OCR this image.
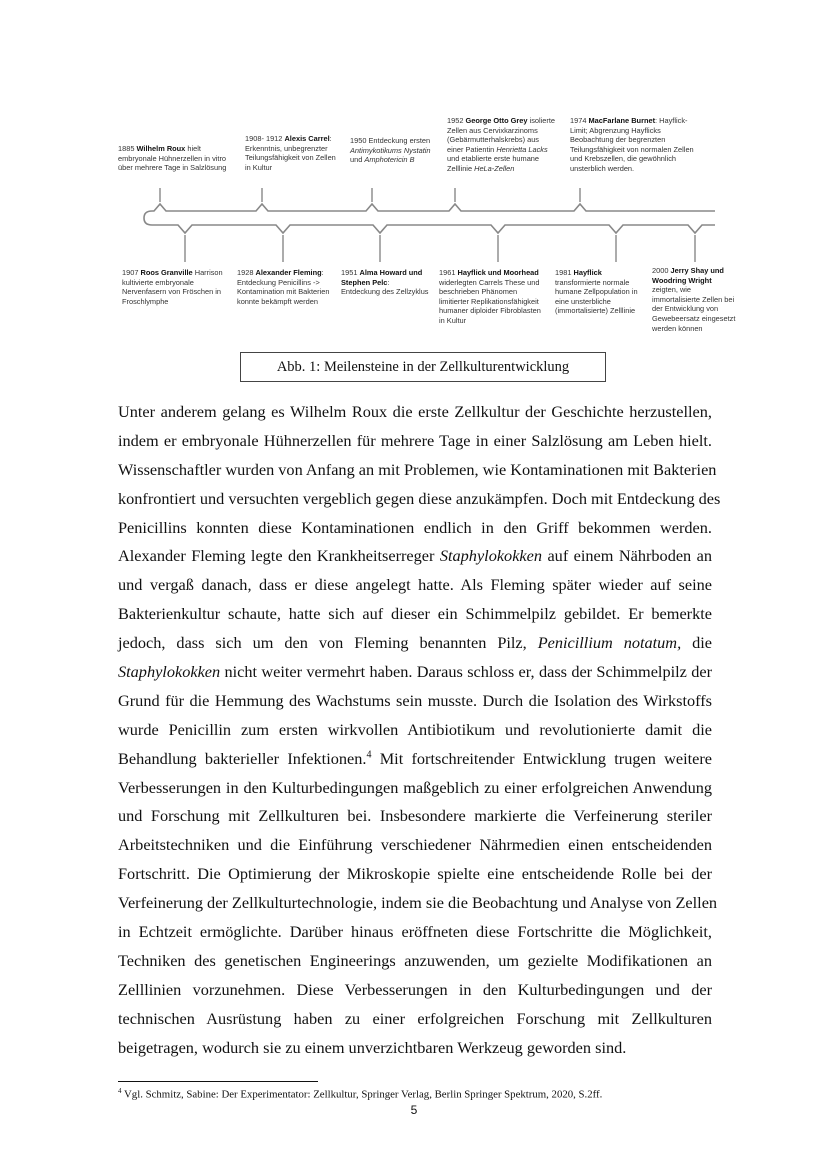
1885 Wilhelm Roux hielt
embryonale Hühnerzellen in vitro
über mehrere Tage in Salzlösung
1908- 1912 Alexis Carrel:
Erkenntnis, unbegrenzter
Teilungsfähigkeit von Zellen
in Kultur
1950 Entdeckung ersten
Antimykotikums Nystatin
und Amphotericin B
1952 George Otto Grey isolierte
Zellen aus Cervixkarzinoms
(Gebärmutterhalskrebs) aus
einer Patientin Henrietta Lacks
und etablierte erste humane
Zelllinie HeLa-Zellen
1974 MacFarlane Burnet: Hayflick-
Limit; Abgrenzung Hayflicks
Beobachtung der begrenzten
Teilungsfähigkeit von normalen Zellen
und Krebszellen, die gewöhnlich
unsterblich werden.
1907 Roos Granville Harrison
kultivierte embryonale
Nervenfasern von Fröschen in
Froschlymphe
1928 Alexander Fleming:
Entdeckung Penicillins ->
Kontamination mit Bakterien
konnte bekämpft werden
1951 Alma Howard und
Stephen Pelc:
Entdeckung des Zellzyklus
1961 Hayflick und Moorhead
widerlegten Carrels These und
beschrieben Phänomen
limitierter Replikationsfähigkeit
humaner diploider Fibroblasten
in Kultur
1981 Hayflick
transformierte normale
humane Zellpopulation in
eine unsterbliche
(immortalisierte) Zelllinie
2000 Jerry Shay und
Woodring Wright
zeigten, wie
immortalisierte Zellen bei
der Entwicklung von
Gewebeersatz eingesetzt
werden können
Abb. 1: Meilensteine in der Zellkulturentwicklung
Unter anderem gelang es Wilhelm Roux die erste Zellkultur der Geschichte herzustellen,
indem er embryonale Hühnerzellen für mehrere Tage in einer Salzlösung am Leben hielt.
Wissenschaftler wurden von Anfang an mit Problemen, wie Kontaminationen mit Bakterien
konfrontiert und versuchten vergeblich gegen diese anzukämpfen. Doch mit Entdeckung des
Penicillins konnten diese Kontaminationen endlich in den Griff bekommen werden.
Alexander Fleming legte den Krankheitserreger Staphylokokken auf einem Nährboden an
und vergaß danach, dass er diese angelegt hatte. Als Fleming später wieder auf seine
Bakterienkultur schaute, hatte sich auf dieser ein Schimmelpilz gebildet. Er bemerkte
jedoch, dass sich um den von Fleming benannten Pilz, Penicillium notatum, die
Staphylokokken nicht weiter vermehrt haben. Daraus schloss er, dass der Schimmelpilz der
Grund für die Hemmung des Wachstums sein musste. Durch die Isolation des Wirkstoffs
wurde Penicillin zum ersten wirkvollen Antibiotikum und revolutionierte damit die
Behandlung bakterieller Infektionen.$^4$ Mit fortschreitender Entwicklung trugen weitere
Verbesserungen in den Kulturbedingungen maßgeblich zu einer erfolgreichen Anwendung
und Forschung mit Zellkulturen bei. Insbesondere markierte die Verfeinerung steriler
Arbeitstechniken und die Einführung verschiedener Nährmedien einen entscheidenden
Fortschritt. Die Optimierung der Mikroskopie spielte eine entscheidende Rolle bei der
Verfeinerung der Zellkulturtechnologie, indem sie die Beobachtung und Analyse von Zellen
in Echtzeit ermöglichte. Darüber hinaus eröffneten diese Fortschritte die Möglichkeit,
Techniken des genetischen Engineerings anzuwenden, um gezielte Modifikationen an
Zelllinien vorzunehmen. Diese Verbesserungen in den Kulturbedingungen und der
technischen Ausrüstung haben zu einer erfolgreichen Forschung mit Zellkulturen
beigetragen, wodurch sie zu einem unverzichtbaren Werkzeug geworden sind.
$^4$ Vgl. Schmitz, Sabine: Der Experimentator: Zellkultur, Springer Verlag, Berlin Springer Spektrum, 2020, S.2ff.
5
